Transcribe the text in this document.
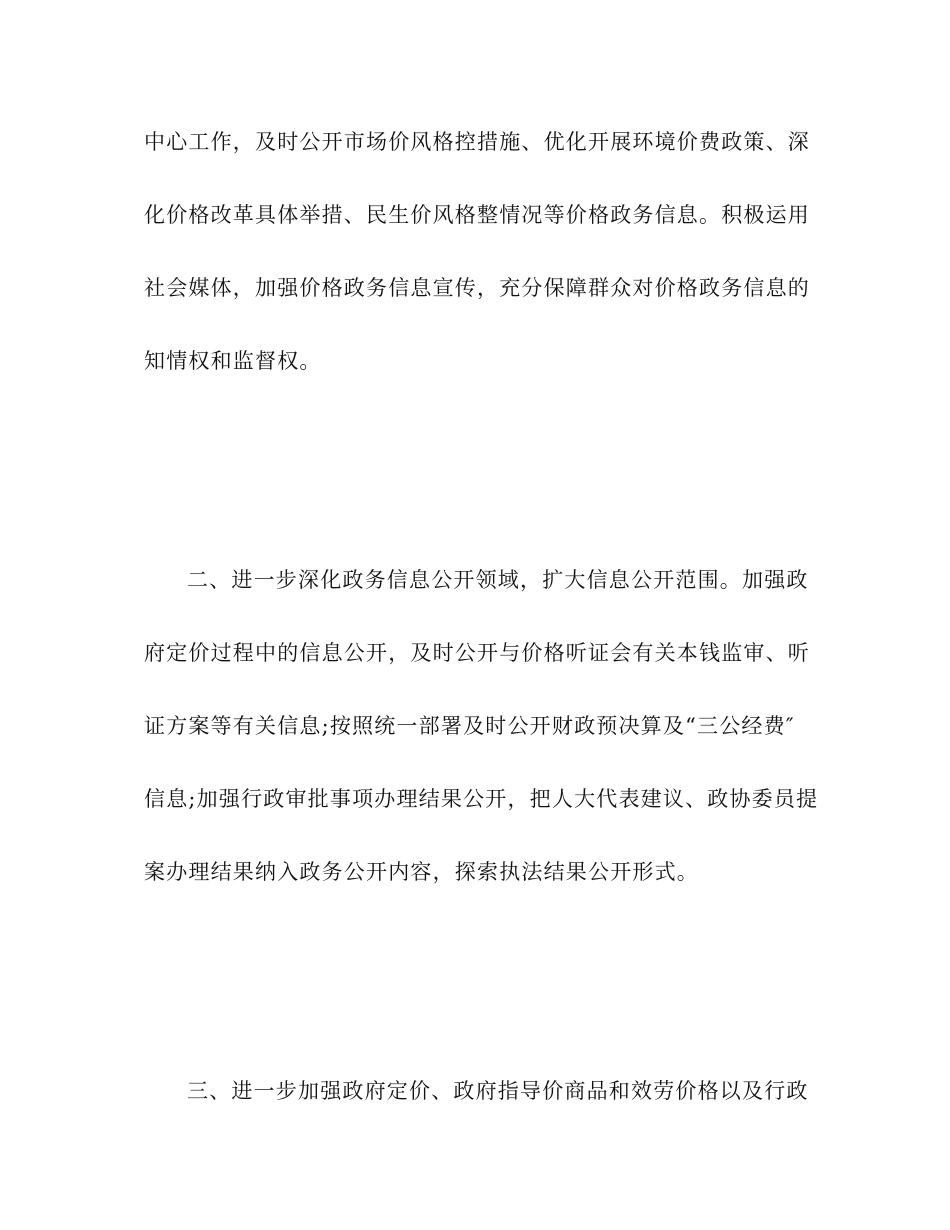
中心工作，及时公开市场价风格控措施、优化开展环境价费政策、深
化价格改革具体举措、民生价风格整情况等价格政务信息。积极运用
社会媒体，加强价格政务信息宣传，充分保障群众对价格政务信息的
知情权和监督权。
二、进一步深化政务信息公开领域，扩大信息公开范围。加强政
府定价过程中的信息公开，及时公开与价格听证会有关本钱监审、听
证方案等有关信息;按照统一部署及时公开财政预决算及“三公经费″
信息;加强行政审批事项办理结果公开，把人大代表建议、政协委员提
案办理结果纳入政务公开内容，探索执法结果公开形式。
三、进一步加强政府定价、政府指导价商品和效劳价格以及行政
